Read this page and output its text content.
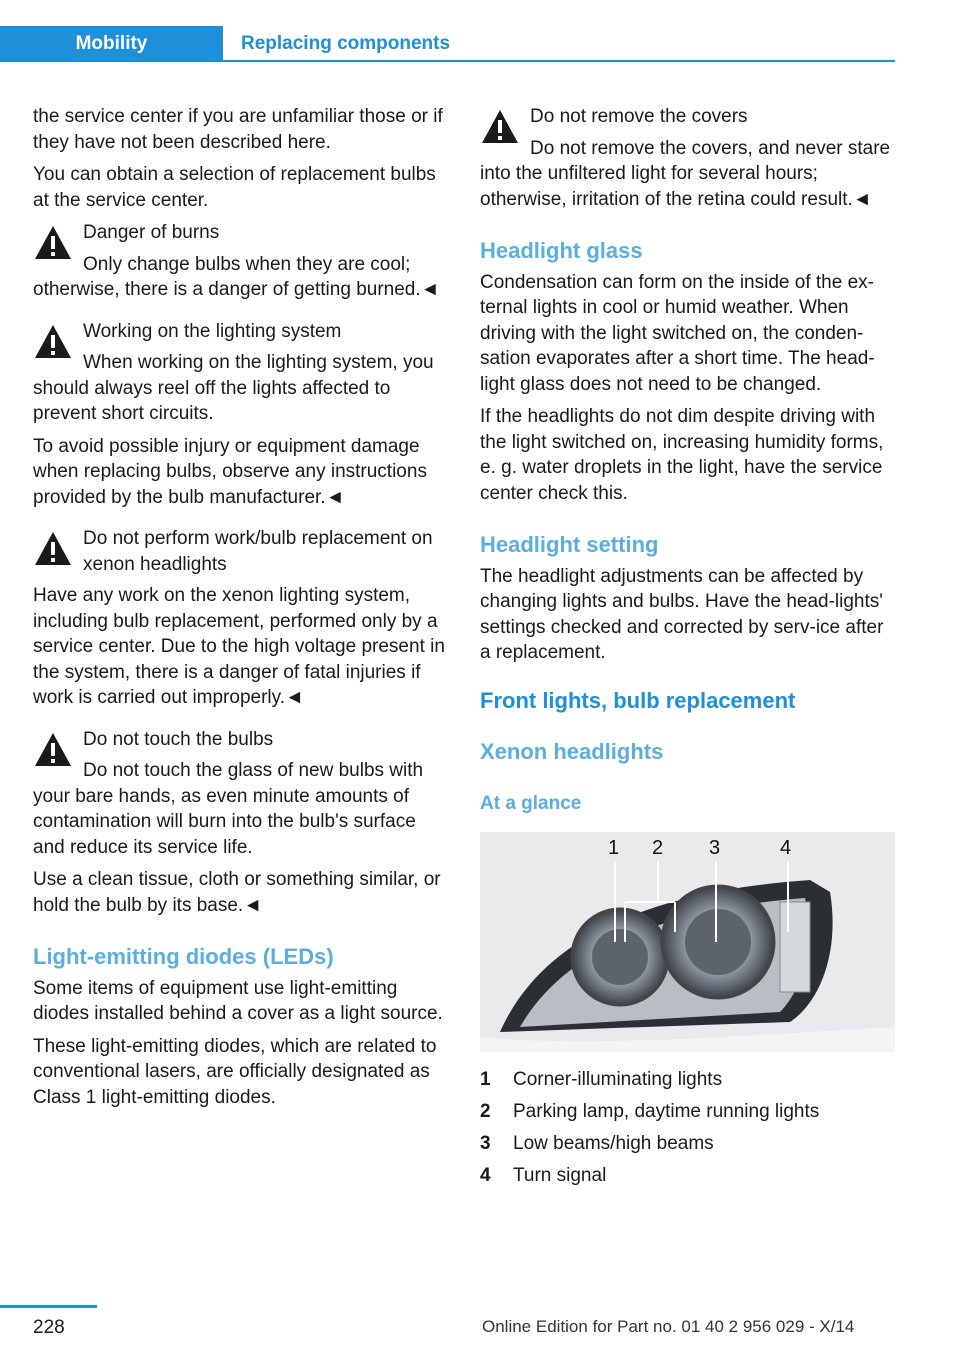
Mobility	Replacing components

the service center if you are unfamiliar those or if they have not been described here.

You can obtain a selection of replacement bulbs at the service center.

Danger of burns
Only change bulbs when they are cool; otherwise, there is a danger of getting burned.◄
Working on the lighting system
When working on the lighting system, you should always reel off the lights affected to prevent short circuits.
To avoid possible injury or equipment damage when replacing bulbs, observe any instructions provided by the bulb manufacturer.◄
Do not perform work/bulb replacement on xenon headlights
Have any work on the xenon lighting system, including bulb replacement, performed only by a service center. Due to the high voltage present in the system, there is a danger of fatal injuries if work is carried out improperly.◄
Do not touch the bulbs
Do not touch the glass of new bulbs with your bare hands, as even minute amounts of contamination will burn into the bulb's surface and reduce its service life.
Use a clean tissue, cloth or something similar, or hold the bulb by its base.◄
Light-emitting diodes (LEDs)

Some items of equipment use light-emitting diodes installed behind a cover as a light source.

These light-emitting diodes, which are related to conventional lasers, are officially designated as Class 1 light-emitting diodes.

Do not remove the covers
Do not remove the covers, and never stare into the unfiltered light for several hours; otherwise, irritation of the retina could result.◄
Headlight glass

Condensation can form on the inside of the ex‐ternal lights in cool or humid weather. When driving with the light switched on, the conden‐sation evaporates after a short time. The head‐light glass does not need to be changed.

If the headlights do not dim despite driving with the light switched on, increasing humidity forms, e. g. water droplets in the light, have the service center check this.

Headlight setting

The headlight adjustments can be affected by changing lights and bulbs. Have the head‐lights' settings checked and corrected by serv‐ice after a replacement.

Front lights, bulb replacement
Xenon headlights
At a glance
1 2 3	4
1	Corner-illuminating lights
2	Parking lamp, daytime running lights
3	Low beams/high beams
4	Turn signal
228	Online Edition for Part no. 01 40 2 956 029 - X/14
